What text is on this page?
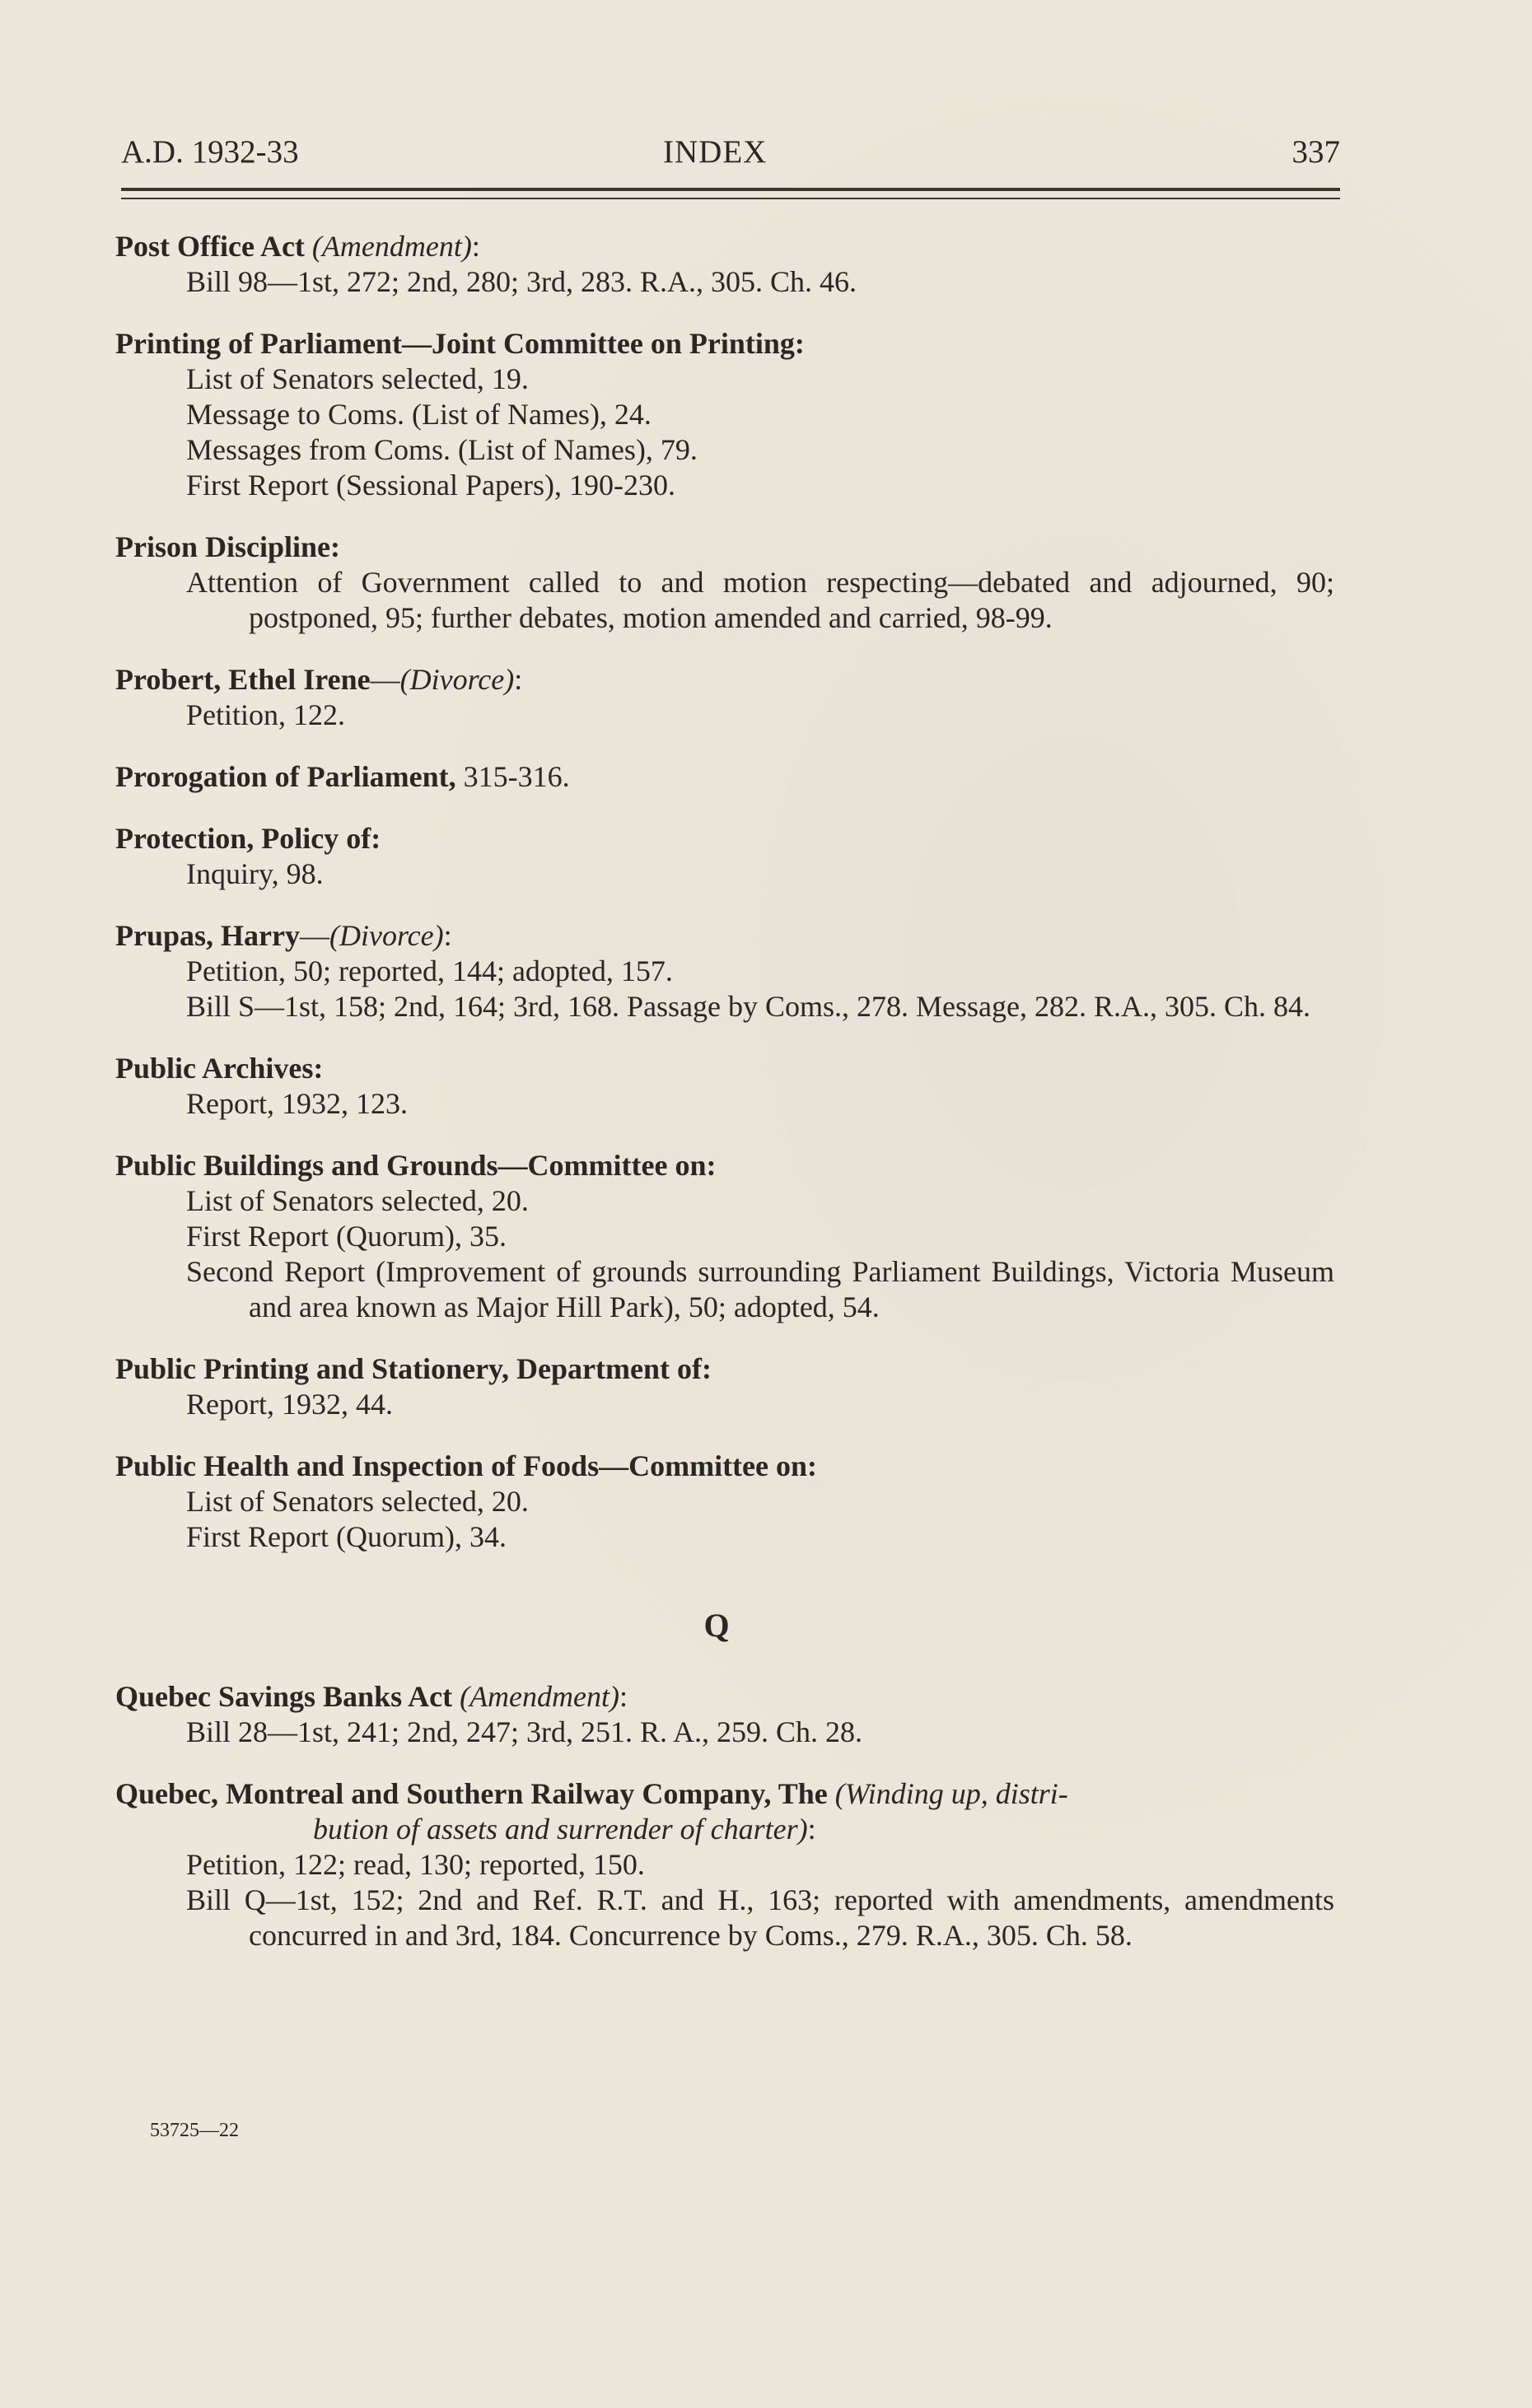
A.D. 1932-33	INDEX	337
Post Office Act (Amendment):
Bill 98—1st, 272; 2nd, 280; 3rd, 283. R.A., 305. Ch. 46.
Printing of Parliament—Joint Committee on Printing:
List of Senators selected, 19.
Message to Coms. (List of Names), 24.
Messages from Coms. (List of Names), 79.
First Report (Sessional Papers), 190-230.
Prison Discipline:
Attention of Government called to and motion respecting—debated and adjourned, 90; postponed, 95; further debates, motion amended and carried, 98-99.
Probert, Ethel Irene—(Divorce):
Petition, 122.
Prorogation of Parliament, 315-316.
Protection, Policy of:
Inquiry, 98.
Prupas, Harry—(Divorce):
Petition, 50; reported, 144; adopted, 157.
Bill S—1st, 158; 2nd, 164; 3rd, 168. Passage by Coms., 278. Message, 282. R.A., 305. Ch. 84.
Public Archives:
Report, 1932, 123.
Public Buildings and Grounds—Committee on:
List of Senators selected, 20.
First Report (Quorum), 35.
Second Report (Improvement of grounds surrounding Parliament Buildings, Victoria Museum and area known as Major Hill Park), 50; adopted, 54.
Public Printing and Stationery, Department of:
Report, 1932, 44.
Public Health and Inspection of Foods—Committee on:
List of Senators selected, 20.
First Report (Quorum), 34.
Q
Quebec Savings Banks Act (Amendment):
Bill 28—1st, 241; 2nd, 247; 3rd, 251. R. A., 259. Ch. 28.
Quebec, Montreal and Southern Railway Company, The (Winding up, distri-
bution of assets and surrender of charter):
Petition, 122; read, 130; reported, 150.
Bill Q—1st, 152; 2nd and Ref. R.T. and H., 163; reported with amendments, amendments concurred in and 3rd, 184. Concurrence by Coms., 279. R.A., 305. Ch. 58.
53725—22
